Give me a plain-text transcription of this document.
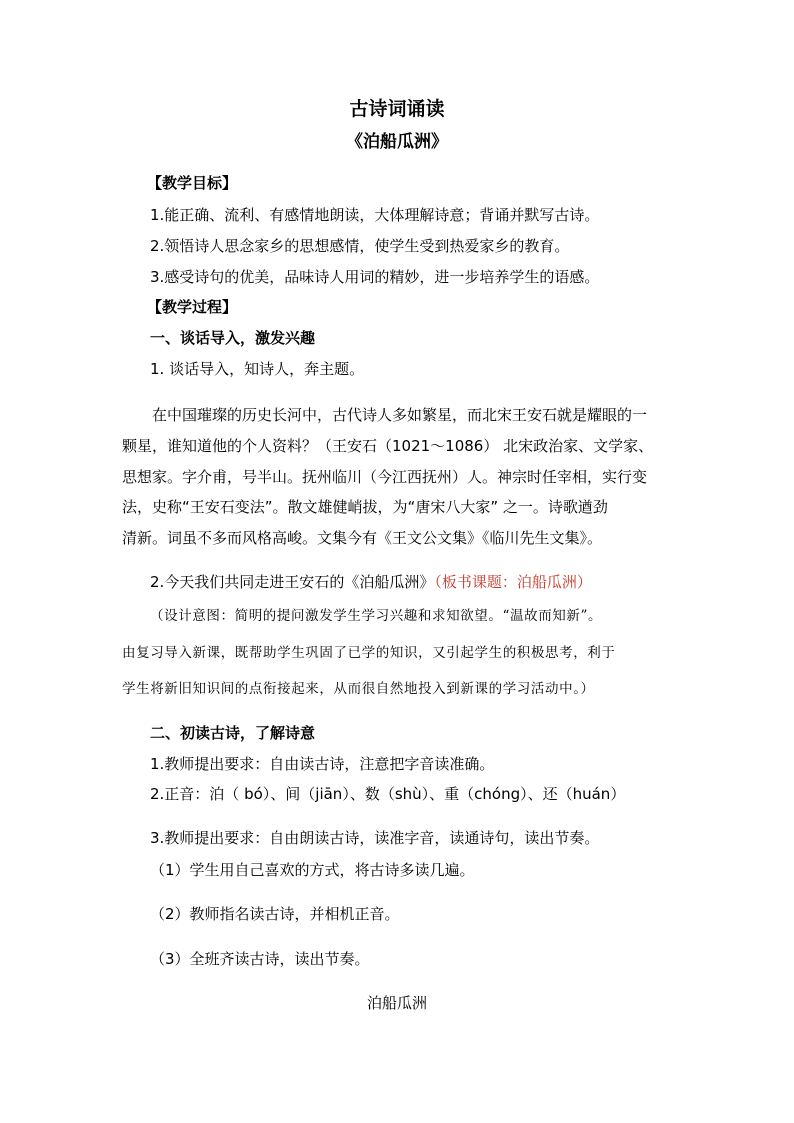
古诗词诵读
《泊船瓜洲》
【教学目标】
1.能正确、流利、有感情地朗读，大体理解诗意；背诵并默写古诗。
2.领悟诗人思念家乡的思想感情，使学生受到热爱家乡的教育。
3.感受诗句的优美，品味诗人用词的精妙，进一步培养学生的语感。
【教学过程】
一、谈话导入，激发兴趣
1. 谈话导入，知诗人，奔主题。
在中国璀璨的历史长河中，古代诗人多如繁星，而北宋王安石就是耀眼的一
颗星，谁知道他的个人资料？（王安石（1021～1086） 北宋政治家、文学家、
思想家。字介甫，号半山。抚州临川（今江西抚州）人。神宗时任宰相，实行变
法，史称“王安石变法”。散文雄健峭拔，为“唐宋八大家” 之一。诗歌遒劲
清新。词虽不多而风格高峻。文集今有《王文公文集》《临川先生文集》。
2.今天我们共同走进王安石的《泊船瓜洲》（板书课题：泊船瓜洲）
（设计意图：简明的提问激发学生学习兴趣和求知欲望。“温故而知新”。
由复习导入新课，既帮助学生巩固了已学的知识，又引起学生的积极思考，利于
学生将新旧知识间的点衔接起来，从而很自然地投入到新课的学习活动中。）
二、初读古诗，了解诗意
1.教师提出要求：自由读古诗，注意把字音读准确。
2.正音：泊（ bó）、间（jiān）、数（shù）、重（chóng）、还（huán）
3.教师提出要求：自由朗读古诗，读准字音，读通诗句，读出节奏。
（1）学生用自己喜欢的方式，将古诗多读几遍。
（2）教师指名读古诗，并相机正音。
（3）全班齐读古诗，读出节奏。
泊船瓜洲
